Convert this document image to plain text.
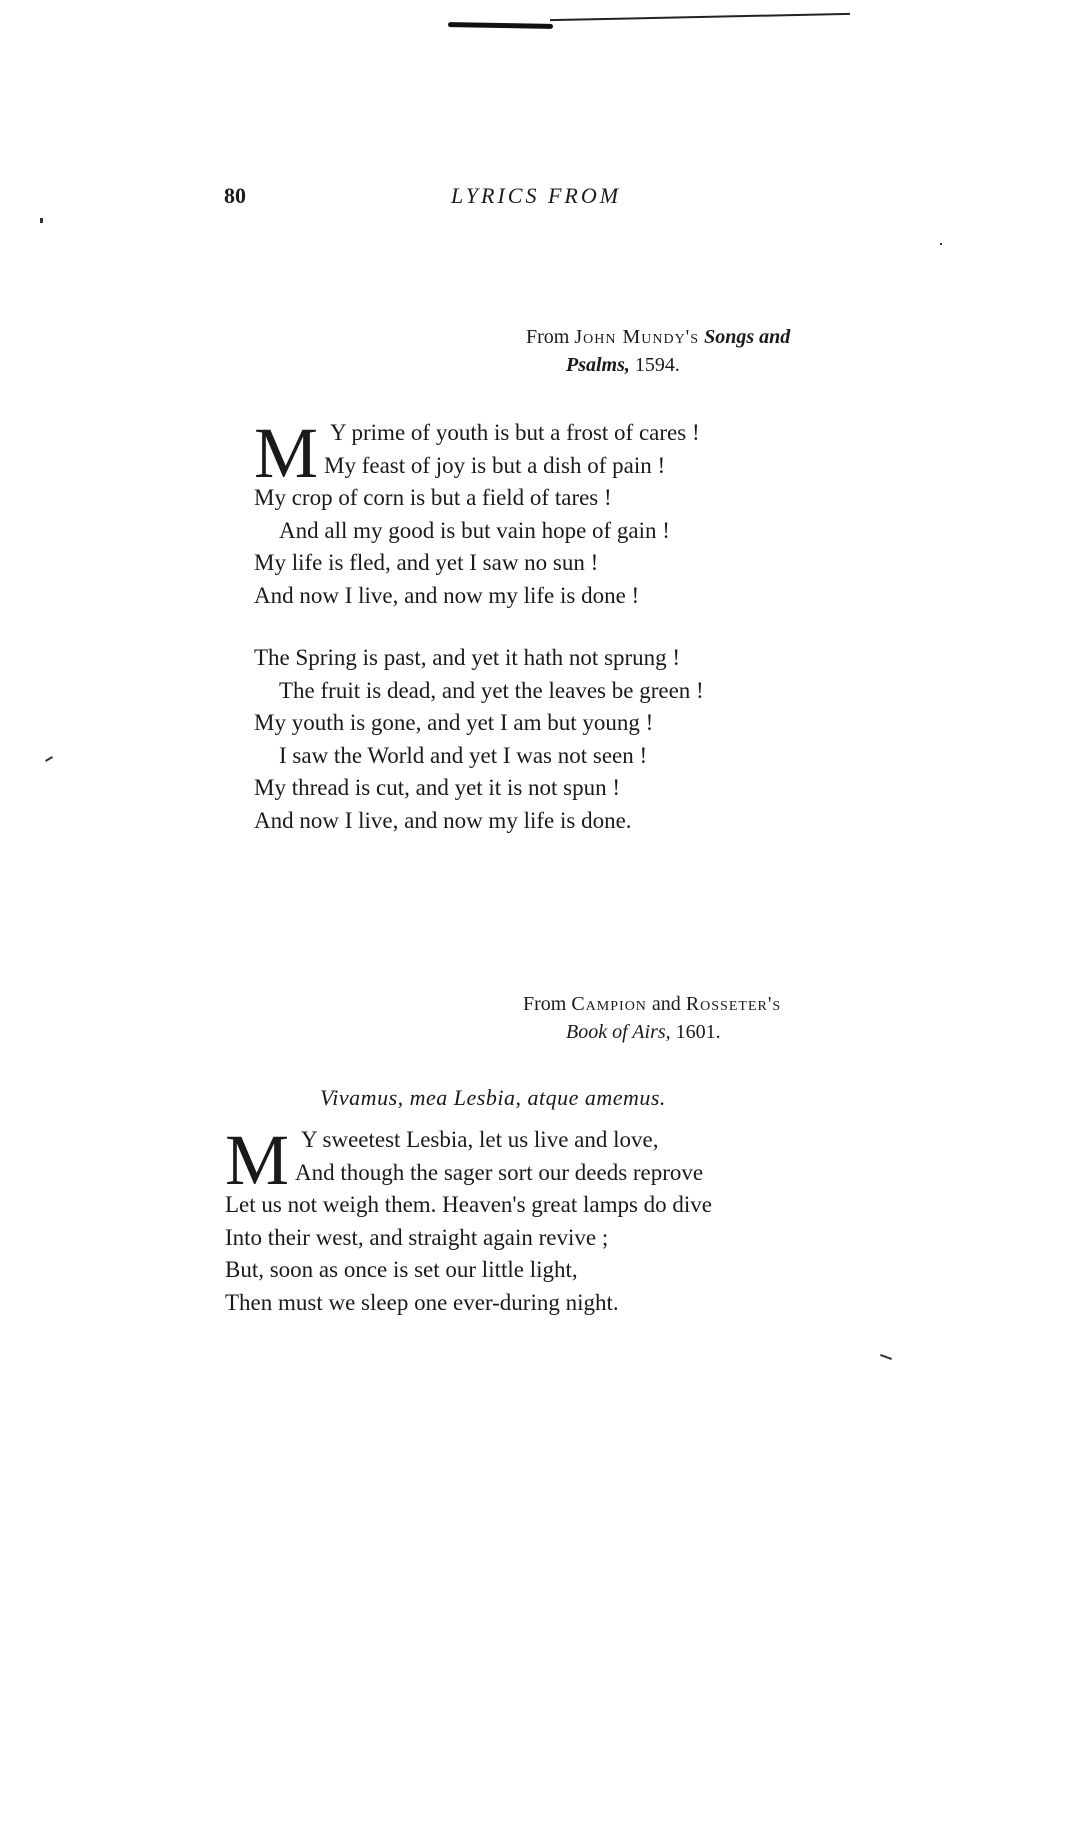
80	LYRICS FROM
From John Mundy's Songs and
Psalms, 1594.
M Y prime of youth is but a frost of cares !
My feast of joy is but a dish of pain !
My crop of corn is but a field of tares !
And all my good is but vain hope of gain !
My life is fled, and yet I saw no sun !
And now I live, and now my life is done !
The Spring is past, and yet it hath not sprung !
The fruit is dead, and yet the leaves be green !
My youth is gone, and yet I am but young !
I saw the World and yet I was not seen !
My thread is cut, and yet it is not spun !
And now I live, and now my life is done.
From Campion and Rosseter's
Book of Airs, 1601.
Vivamus, mea Lesbia, atque amemus.
M Y sweetest Lesbia, let us live and love,
And though the sager sort our deeds reprove
Let us not weigh them. Heaven's great lamps do dive
Into their west, and straight again revive ;
But, soon as once is set our little light,
Then must we sleep one ever-during night.
